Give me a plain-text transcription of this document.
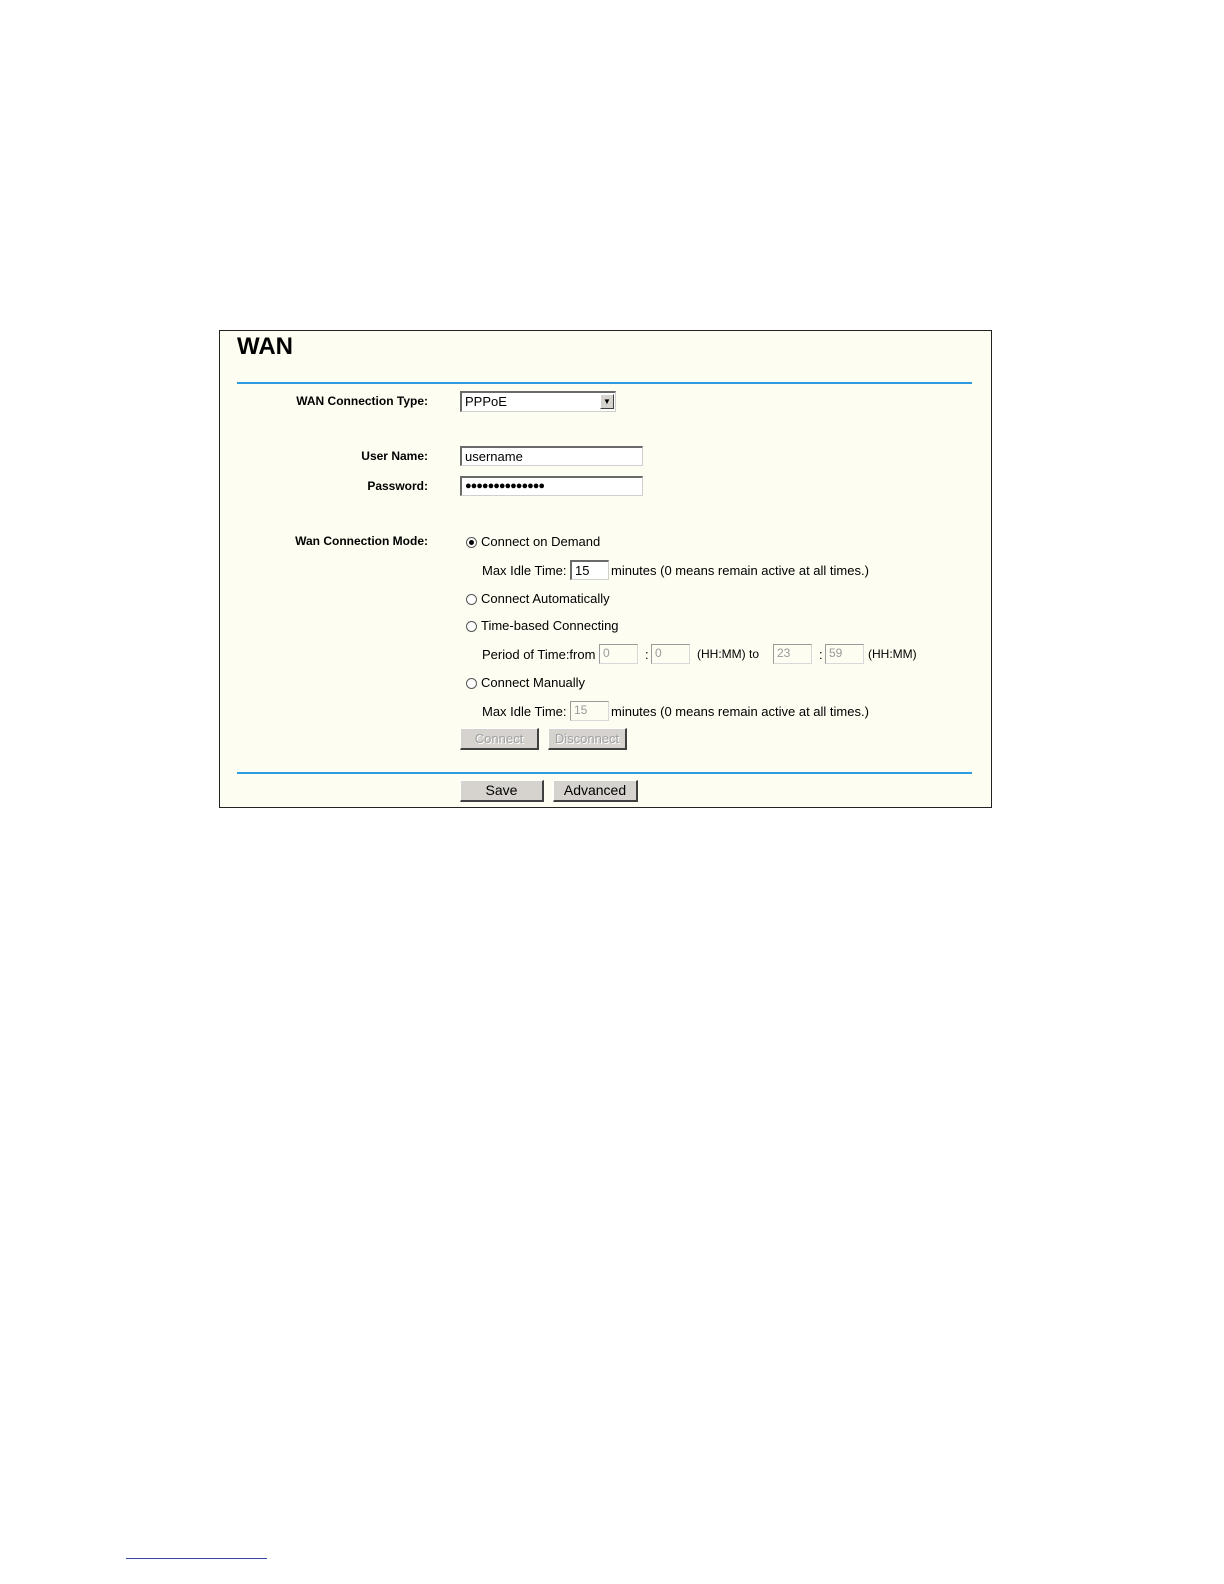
WAN
WAN Connection Type:	PPPoE	▼
User Name:	username
Password:	●●●●●●●●●●●●●●
Wan Connection Mode:	Connect on Demand
Max Idle Time: 15	minutes (0 means remain active at all times.)
Connect Automatically
Time-based Connecting
Period of Time:from 0	: 0	(HH:MM) to	23	: 59	(HH:MM)
Connect Manually
Max Idle Time: 15	minutes (0 means remain active at all times.)
Connect	Disconnect
Save	Advanced
